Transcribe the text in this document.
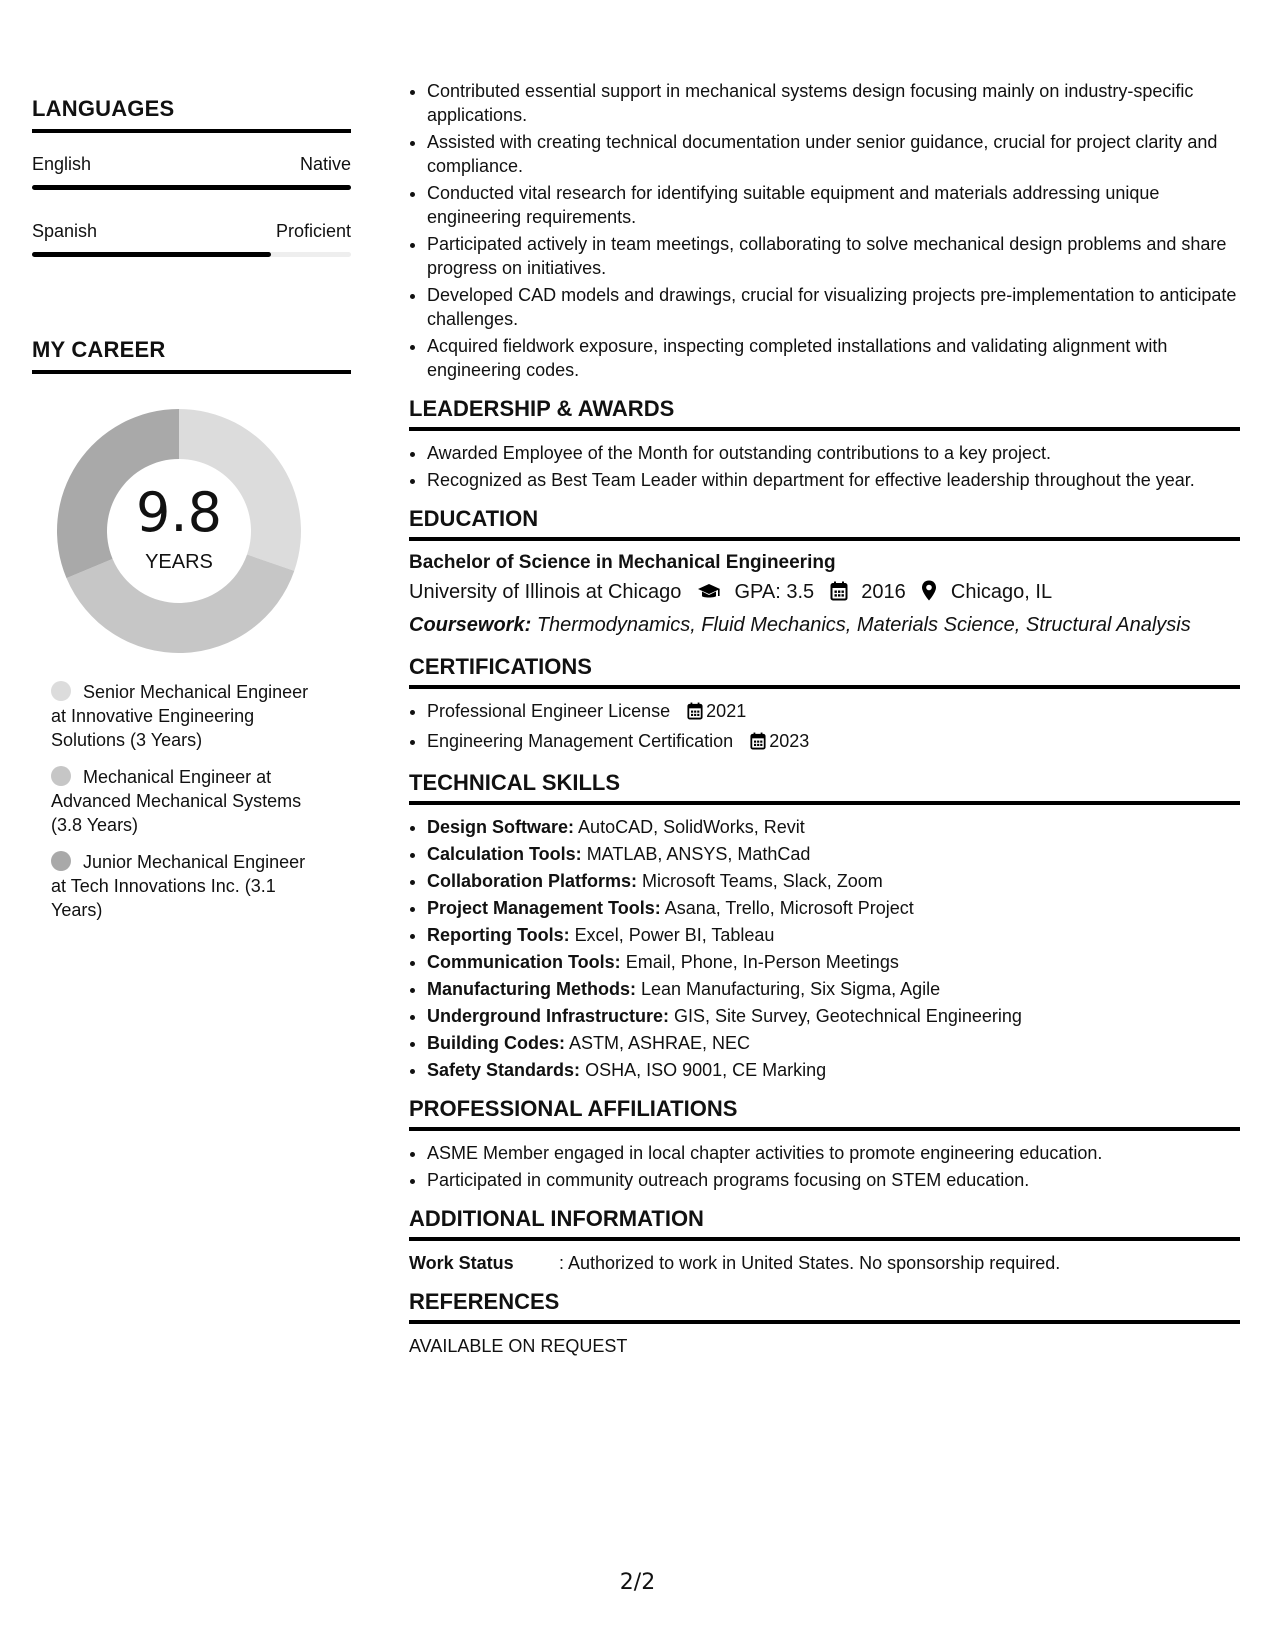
LANGUAGES
English	Native
Spanish	Proficient
MY CAREER
9.8
YEARS
Senior Mechanical Engineer at Innovative Engineering Solutions (3 Years)
Mechanical Engineer at Advanced Mechanical Systems (3.8 Years)
Junior Mechanical Engineer at Tech Innovations Inc. (3.1 Years)
• Contributed essential support in mechanical systems design focusing mainly on industry-specific applications.
• Assisted with creating technical documentation under senior guidance, crucial for project clarity and compliance.
• Conducted vital research for identifying suitable equipment and materials addressing unique engineering requirements.
• Participated actively in team meetings, collaborating to solve mechanical design problems and share progress on initiatives.
• Developed CAD models and drawings, crucial for visualizing projects pre-implementation to anticipate challenges.
• Acquired fieldwork exposure, inspecting completed installations and validating alignment with engineering codes.
LEADERSHIP & AWARDS
• Awarded Employee of the Month for outstanding contributions to a key project.
• Recognized as Best Team Leader within department for effective leadership throughout the year.
EDUCATION
Bachelor of Science in Mechanical Engineering
University of Illinois at Chicago	GPA: 3.5 2016 Chicago, IL
Coursework: Thermodynamics, Fluid Mechanics, Materials Science, Structural Analysis
CERTIFICATIONS
• Professional Engineer License 2021
• Engineering Management Certification 2023
TECHNICAL SKILLS
• Design Software: AutoCAD, SolidWorks, Revit
• Calculation Tools: MATLAB, ANSYS, MathCad
• Collaboration Platforms: Microsoft Teams, Slack, Zoom
• Project Management Tools: Asana, Trello, Microsoft Project
• Reporting Tools: Excel, Power BI, Tableau
• Communication Tools: Email, Phone, In-Person Meetings
• Manufacturing Methods: Lean Manufacturing, Six Sigma, Agile
• Underground Infrastructure: GIS, Site Survey, Geotechnical Engineering
• Building Codes: ASTM, ASHRAE, NEC
• Safety Standards: OSHA, ISO 9001, CE Marking
PROFESSIONAL AFFILIATIONS
• ASME Member engaged in local chapter activities to promote engineering education.
• Participated in community outreach programs focusing on STEM education.
ADDITIONAL INFORMATION
Work Status	: Authorized to work in United States. No sponsorship required.
REFERENCES
AVAILABLE ON REQUEST
2/2
